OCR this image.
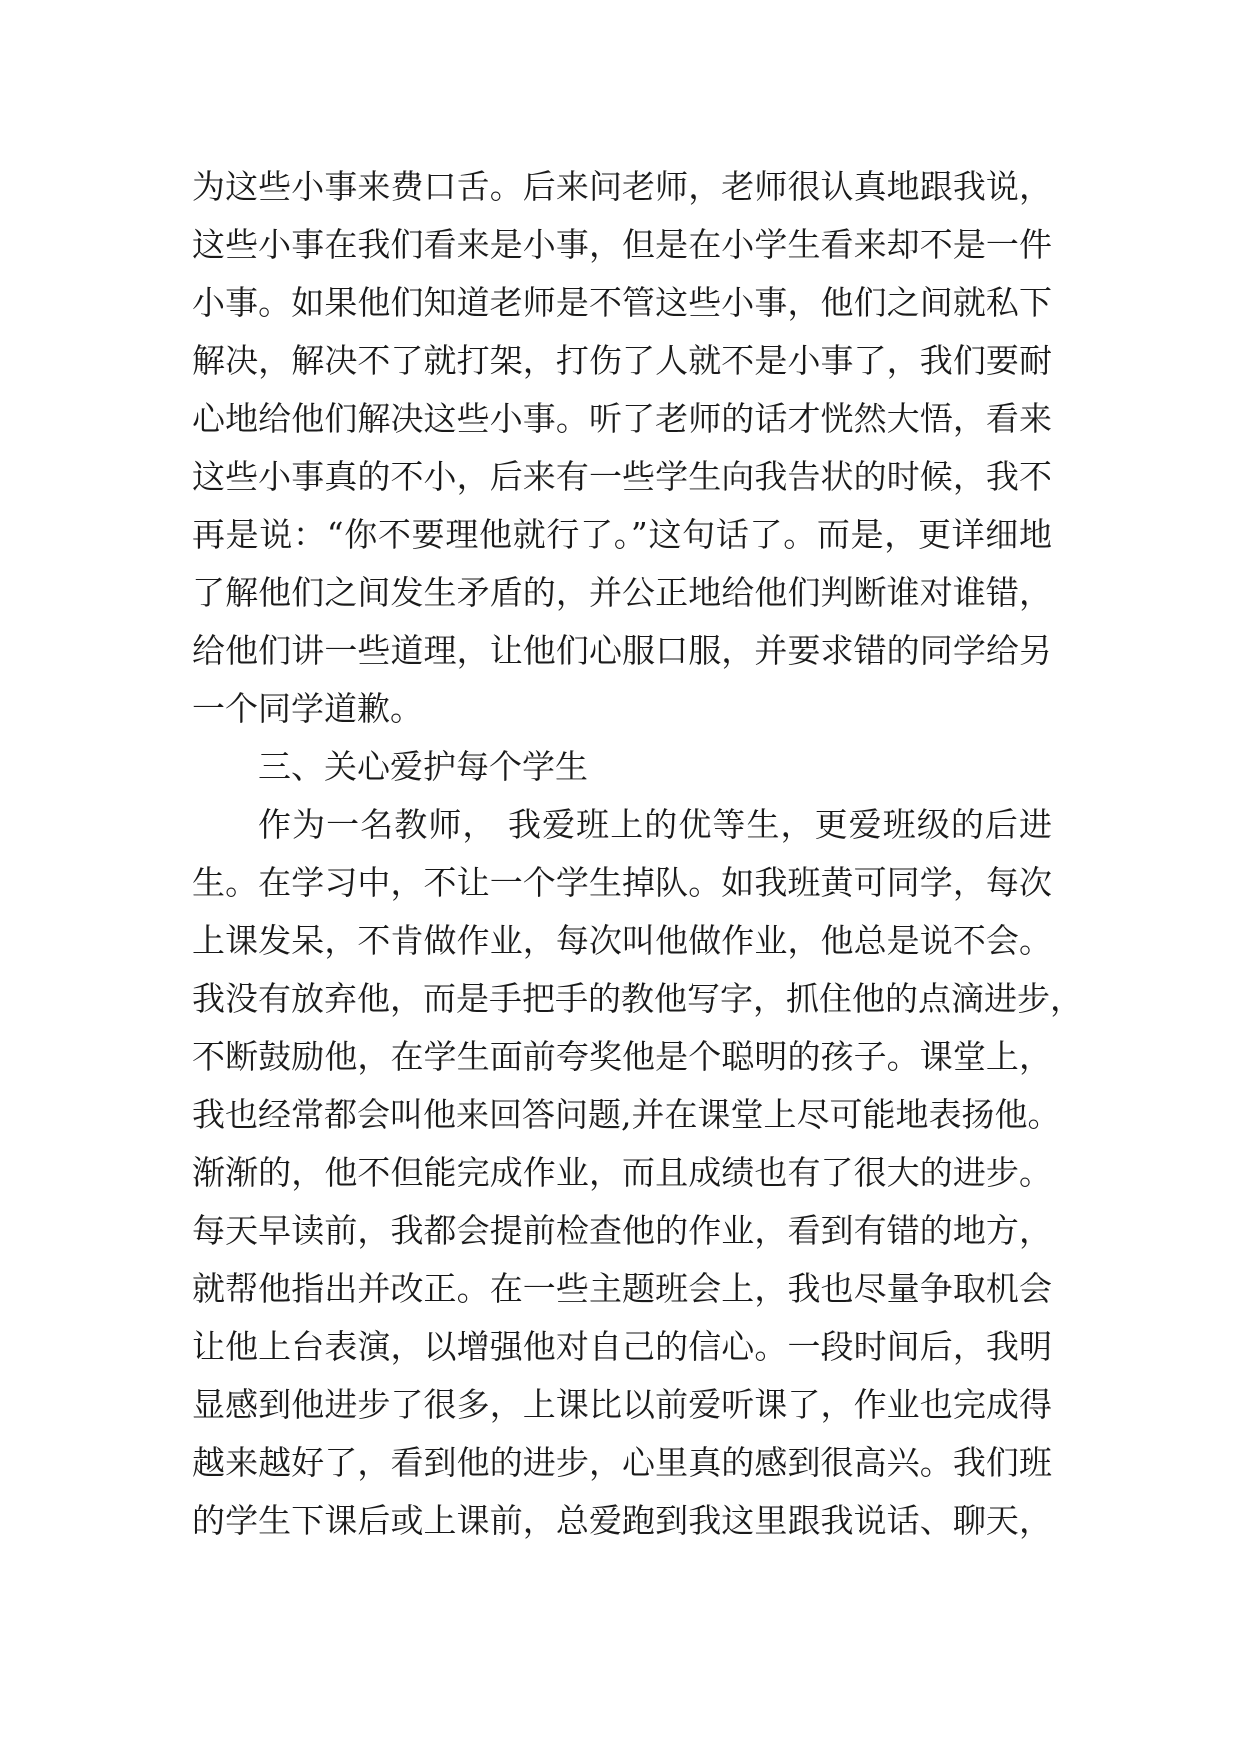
为这些小事来费口舌。后来问老师，老师很认真地跟我说，
这些小事在我们看来是小事，但是在小学生看来却不是一件
小事。如果他们知道老师是不管这些小事，他们之间就私下
解决，解决不了就打架，打伤了人就不是小事了，我们要耐
心地给他们解决这些小事。听了老师的话才恍然大悟，看来
这些小事真的不小，后来有一些学生向我告状的时候，我不
再是说：“你不要理他就行了。”这句话了。而是，更详细地
了解他们之间发生矛盾的，并公正地给他们判断谁对谁错，
给他们讲一些道理，让他们心服口服，并要求错的同学给另
一个同学道歉。
三、关心爱护每个学生
作为一名教师， 我爱班上的优等生，更爱班级的后进
生。在学习中，不让一个学生掉队。如我班黄可同学，每次
上课发呆，不肯做作业，每次叫他做作业，他总是说不会。
我没有放弃他，而是手把手的教他写字，抓住他的点滴进步，
不断鼓励他，在学生面前夸奖他是个聪明的孩子。课堂上，
我也经常都会叫他来回答问题,并在课堂上尽可能地表扬他。
渐渐的，他不但能完成作业，而且成绩也有了很大的进步。
每天早读前，我都会提前检查他的作业，看到有错的地方，
就帮他指出并改正。在一些主题班会上，我也尽量争取机会
让他上台表演，以增强他对自己的信心。一段时间后，我明
显感到他进步了很多，上课比以前爱听课了，作业也完成得
越来越好了，看到他的进步，心里真的感到很高兴。我们班
的学生下课后或上课前，总爱跑到我这里跟我说话、聊天，
